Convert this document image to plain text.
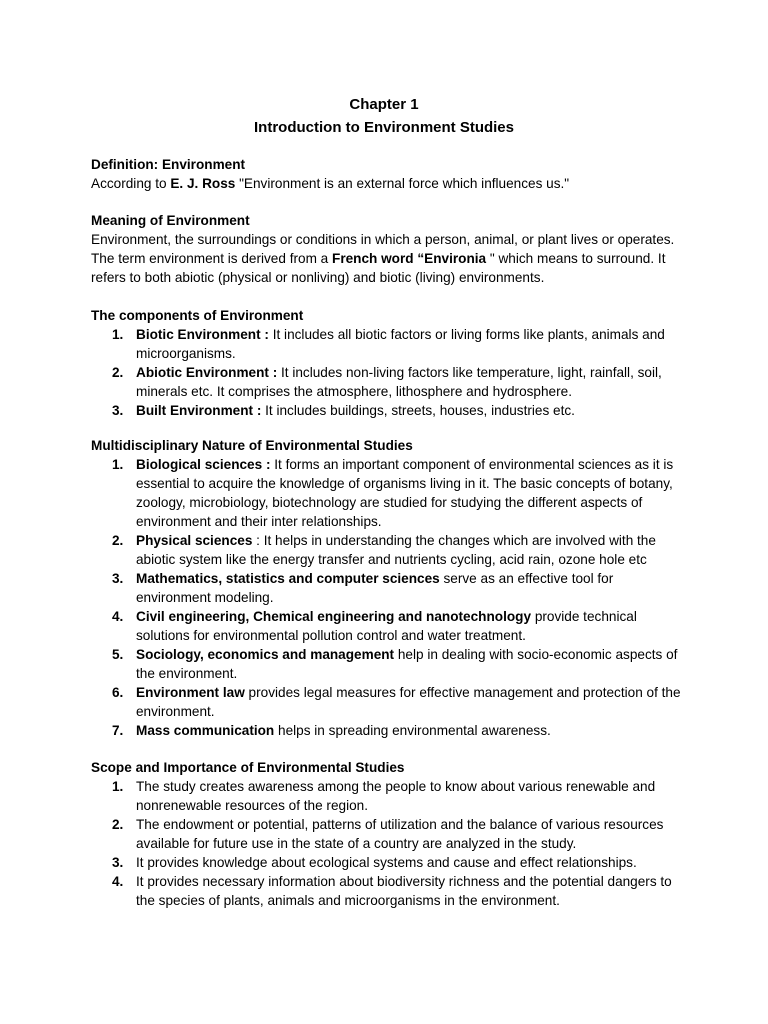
Chapter 1
Introduction to Environment Studies
Definition: Environment

According to E. J. Ross "Environment is an external force which influences us."

Meaning of Environment

Environment, the surroundings or conditions in which a person, animal, or plant lives or operates. The term environment is derived from a French word “Environia " which means to surround. It refers to both abiotic (physical or nonliving) and biotic (living) environments.

The components of Environment
1. Biotic Environment : It includes all biotic factors or living forms like plants, animals and microorganisms.
2. Abiotic Environment : It includes non-living factors like temperature, light, rainfall, soil, minerals etc. It comprises the atmosphere, lithosphere and hydrosphere.
3. Built Environment : It includes buildings, streets, houses, industries etc.
Multidisciplinary Nature of Environmental Studies
1. Biological sciences : It forms an important component of environmental sciences as it is essential to acquire the knowledge of organisms living in it. The basic concepts of botany, zoology, microbiology, biotechnology are studied for studying the different aspects of environment and their inter relationships.
2. Physical sciences : It helps in understanding the changes which are involved with the abiotic system like the energy transfer and nutrients cycling, acid rain, ozone hole etc
3. Mathematics, statistics and computer sciences serve as an effective tool for environment modeling.
4. Civil engineering, Chemical engineering and nanotechnology provide technical solutions for environmental pollution control and water treatment.
5. Sociology, economics and management help in dealing with socio-economic aspects of the environment.
6. Environment law provides legal measures for effective management and protection of the environment.
7. Mass communication helps in spreading environmental awareness.
Scope and Importance of Environmental Studies
1. The study creates awareness among the people to know about various renewable and nonrenewable resources of the region.
2. The endowment or potential, patterns of utilization and the balance of various resources available for future use in the state of a country are analyzed in the study.
3. It provides knowledge about ecological systems and cause and effect relationships.
4. It provides necessary information about biodiversity richness and the potential dangers to the species of plants, animals and microorganisms in the environment.
